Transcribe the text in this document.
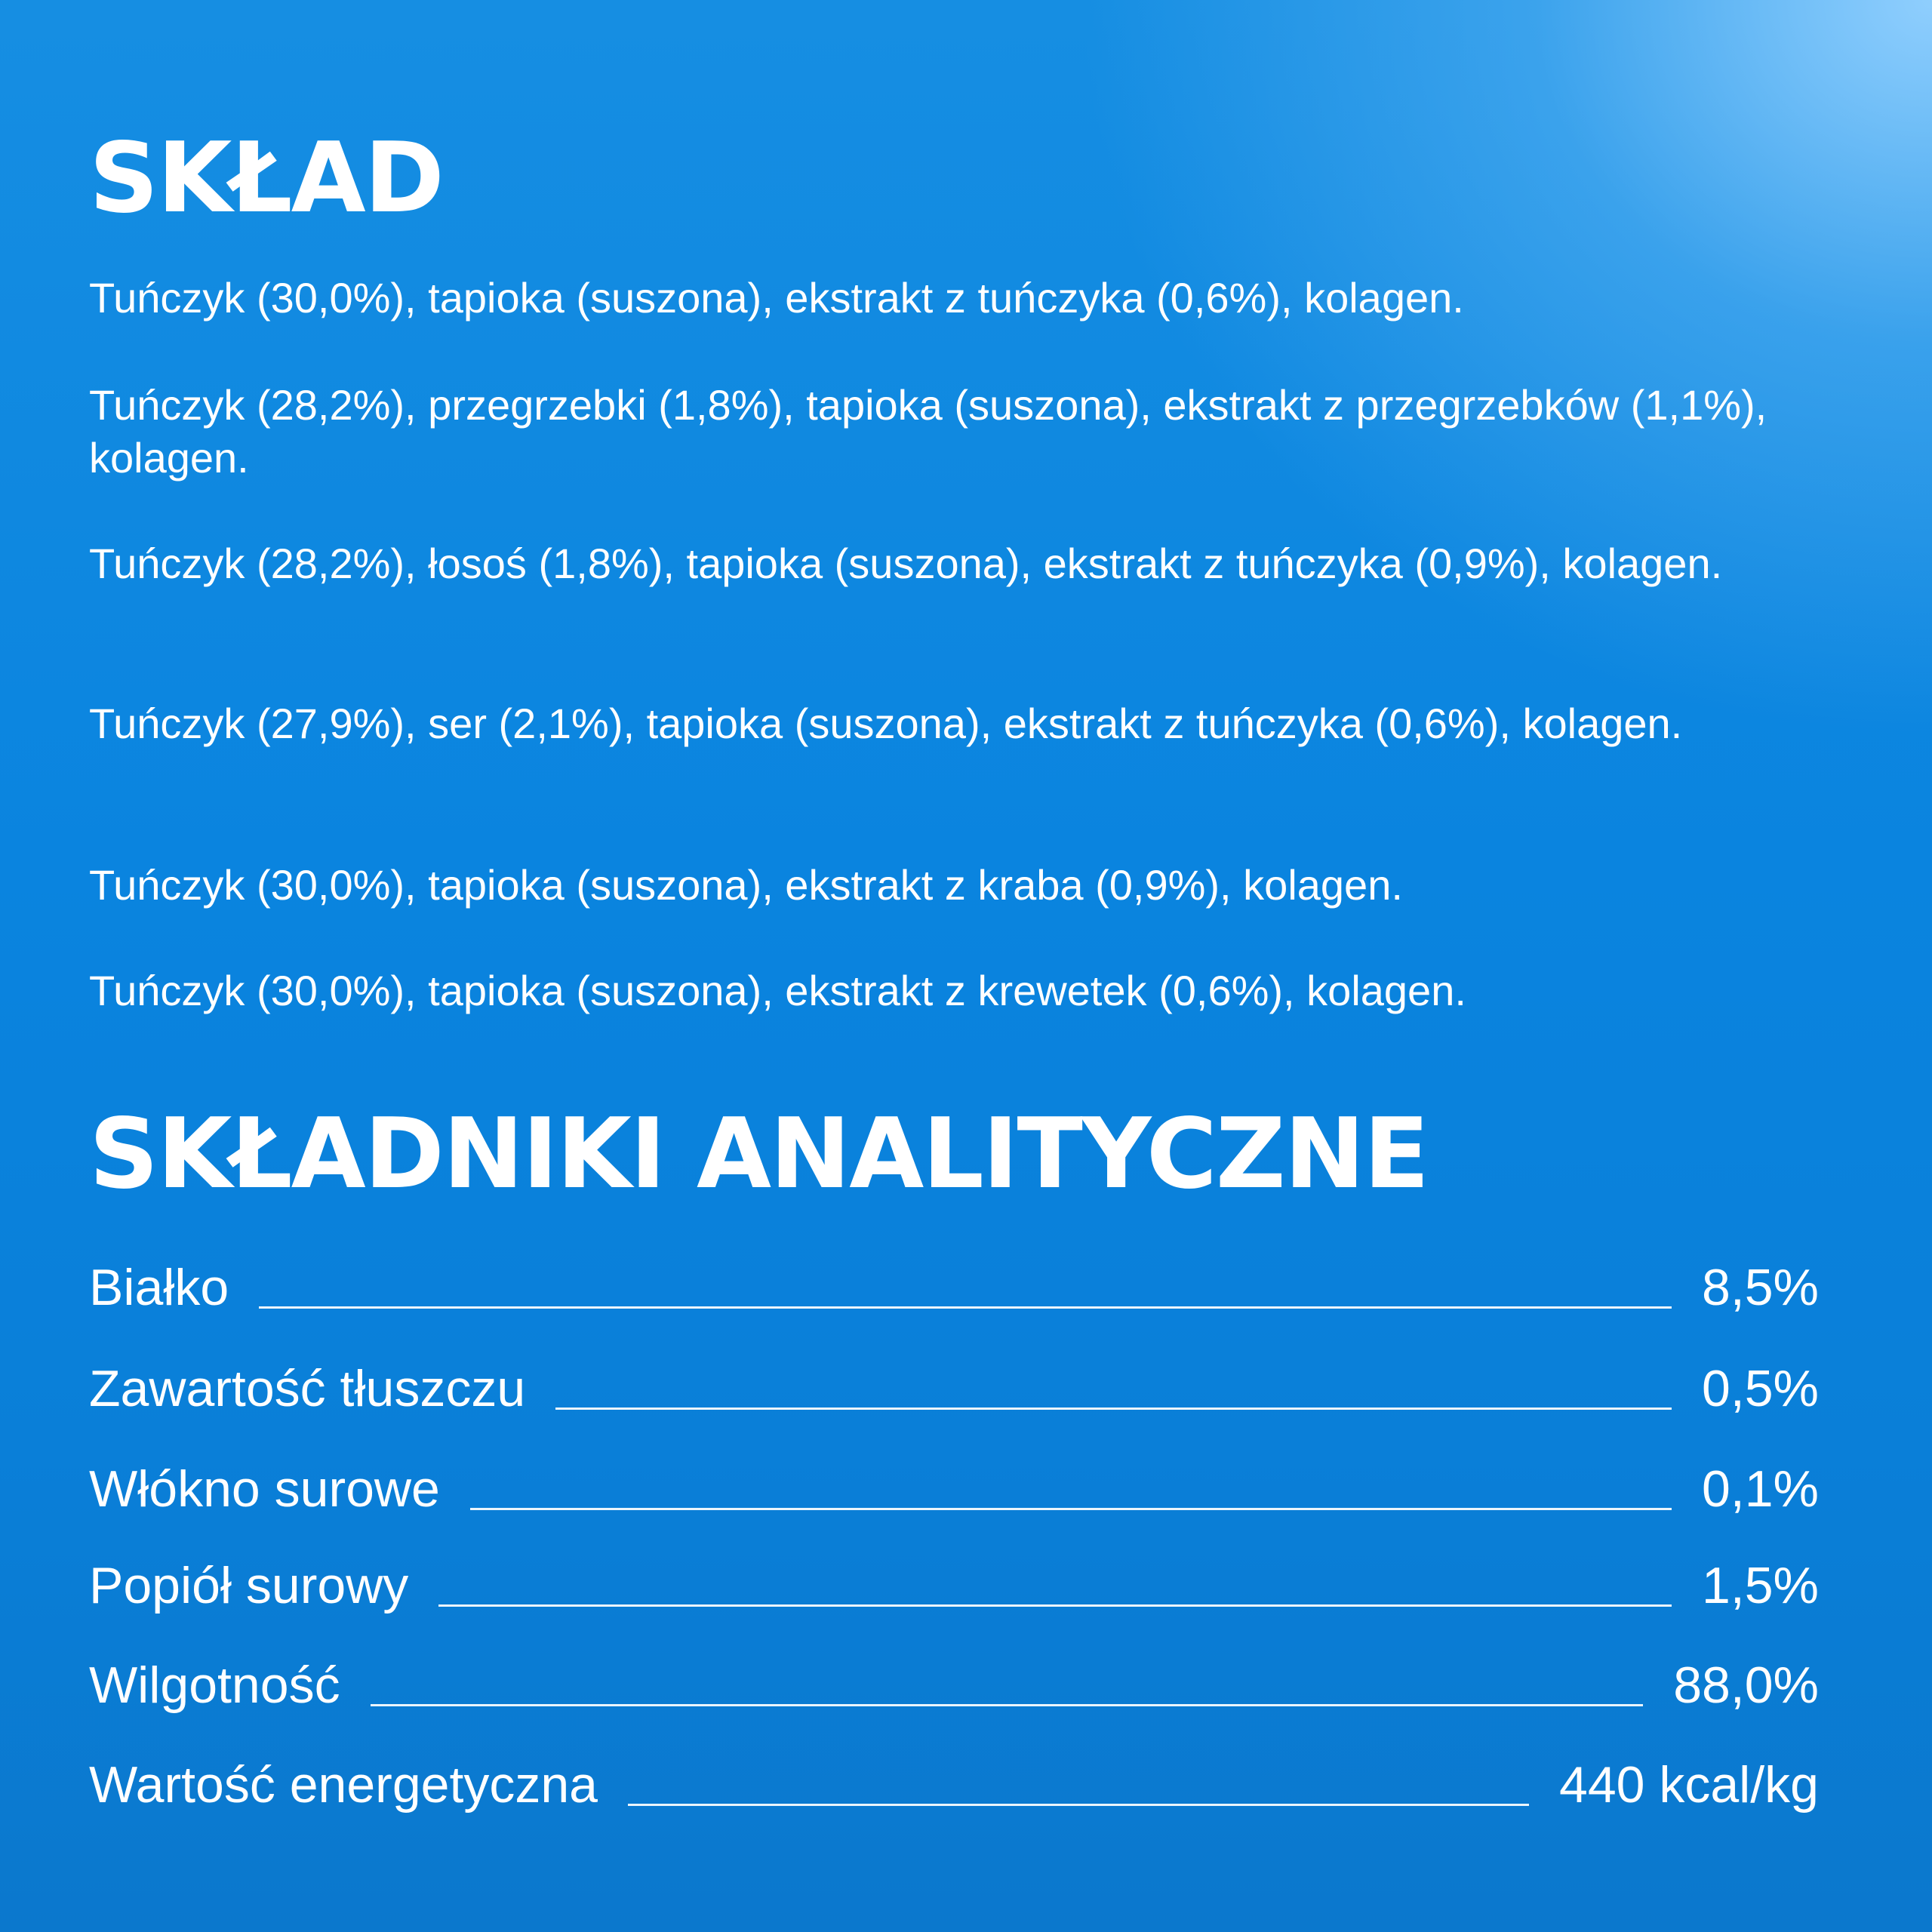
SKŁAD

Tuńczyk (30,0%), tapioka (suszona), ekstrakt z tuńczyka (0,6%), kolagen.

Tuńczyk (28,2%), przegrzebki (1,8%), tapioka (suszona), ekstrakt z przegrzebków (1,1%), kolagen.

Tuńczyk (28,2%), łosoś (1,8%), tapioka (suszona), ekstrakt z tuńczyka (0,9%), kolagen.

Tuńczyk (27,9%), ser (2,1%), tapioka (suszona), ekstrakt z tuńczyka (0,6%), kolagen.

Tuńczyk (30,0%), tapioka (suszona), ekstrakt z kraba (0,9%), kolagen.

Tuńczyk (30,0%), tapioka (suszona), ekstrakt z krewetek (0,6%), kolagen.

SKŁADNIKI ANALITYCZNE
Białko	8,5%
Zawartość tłuszczu	0,5%
Włókno surowe	0,1%
Popiół surowy	1,5%
Wilgotność	88,0%
Wartość energetyczna	440 kcal/kg
